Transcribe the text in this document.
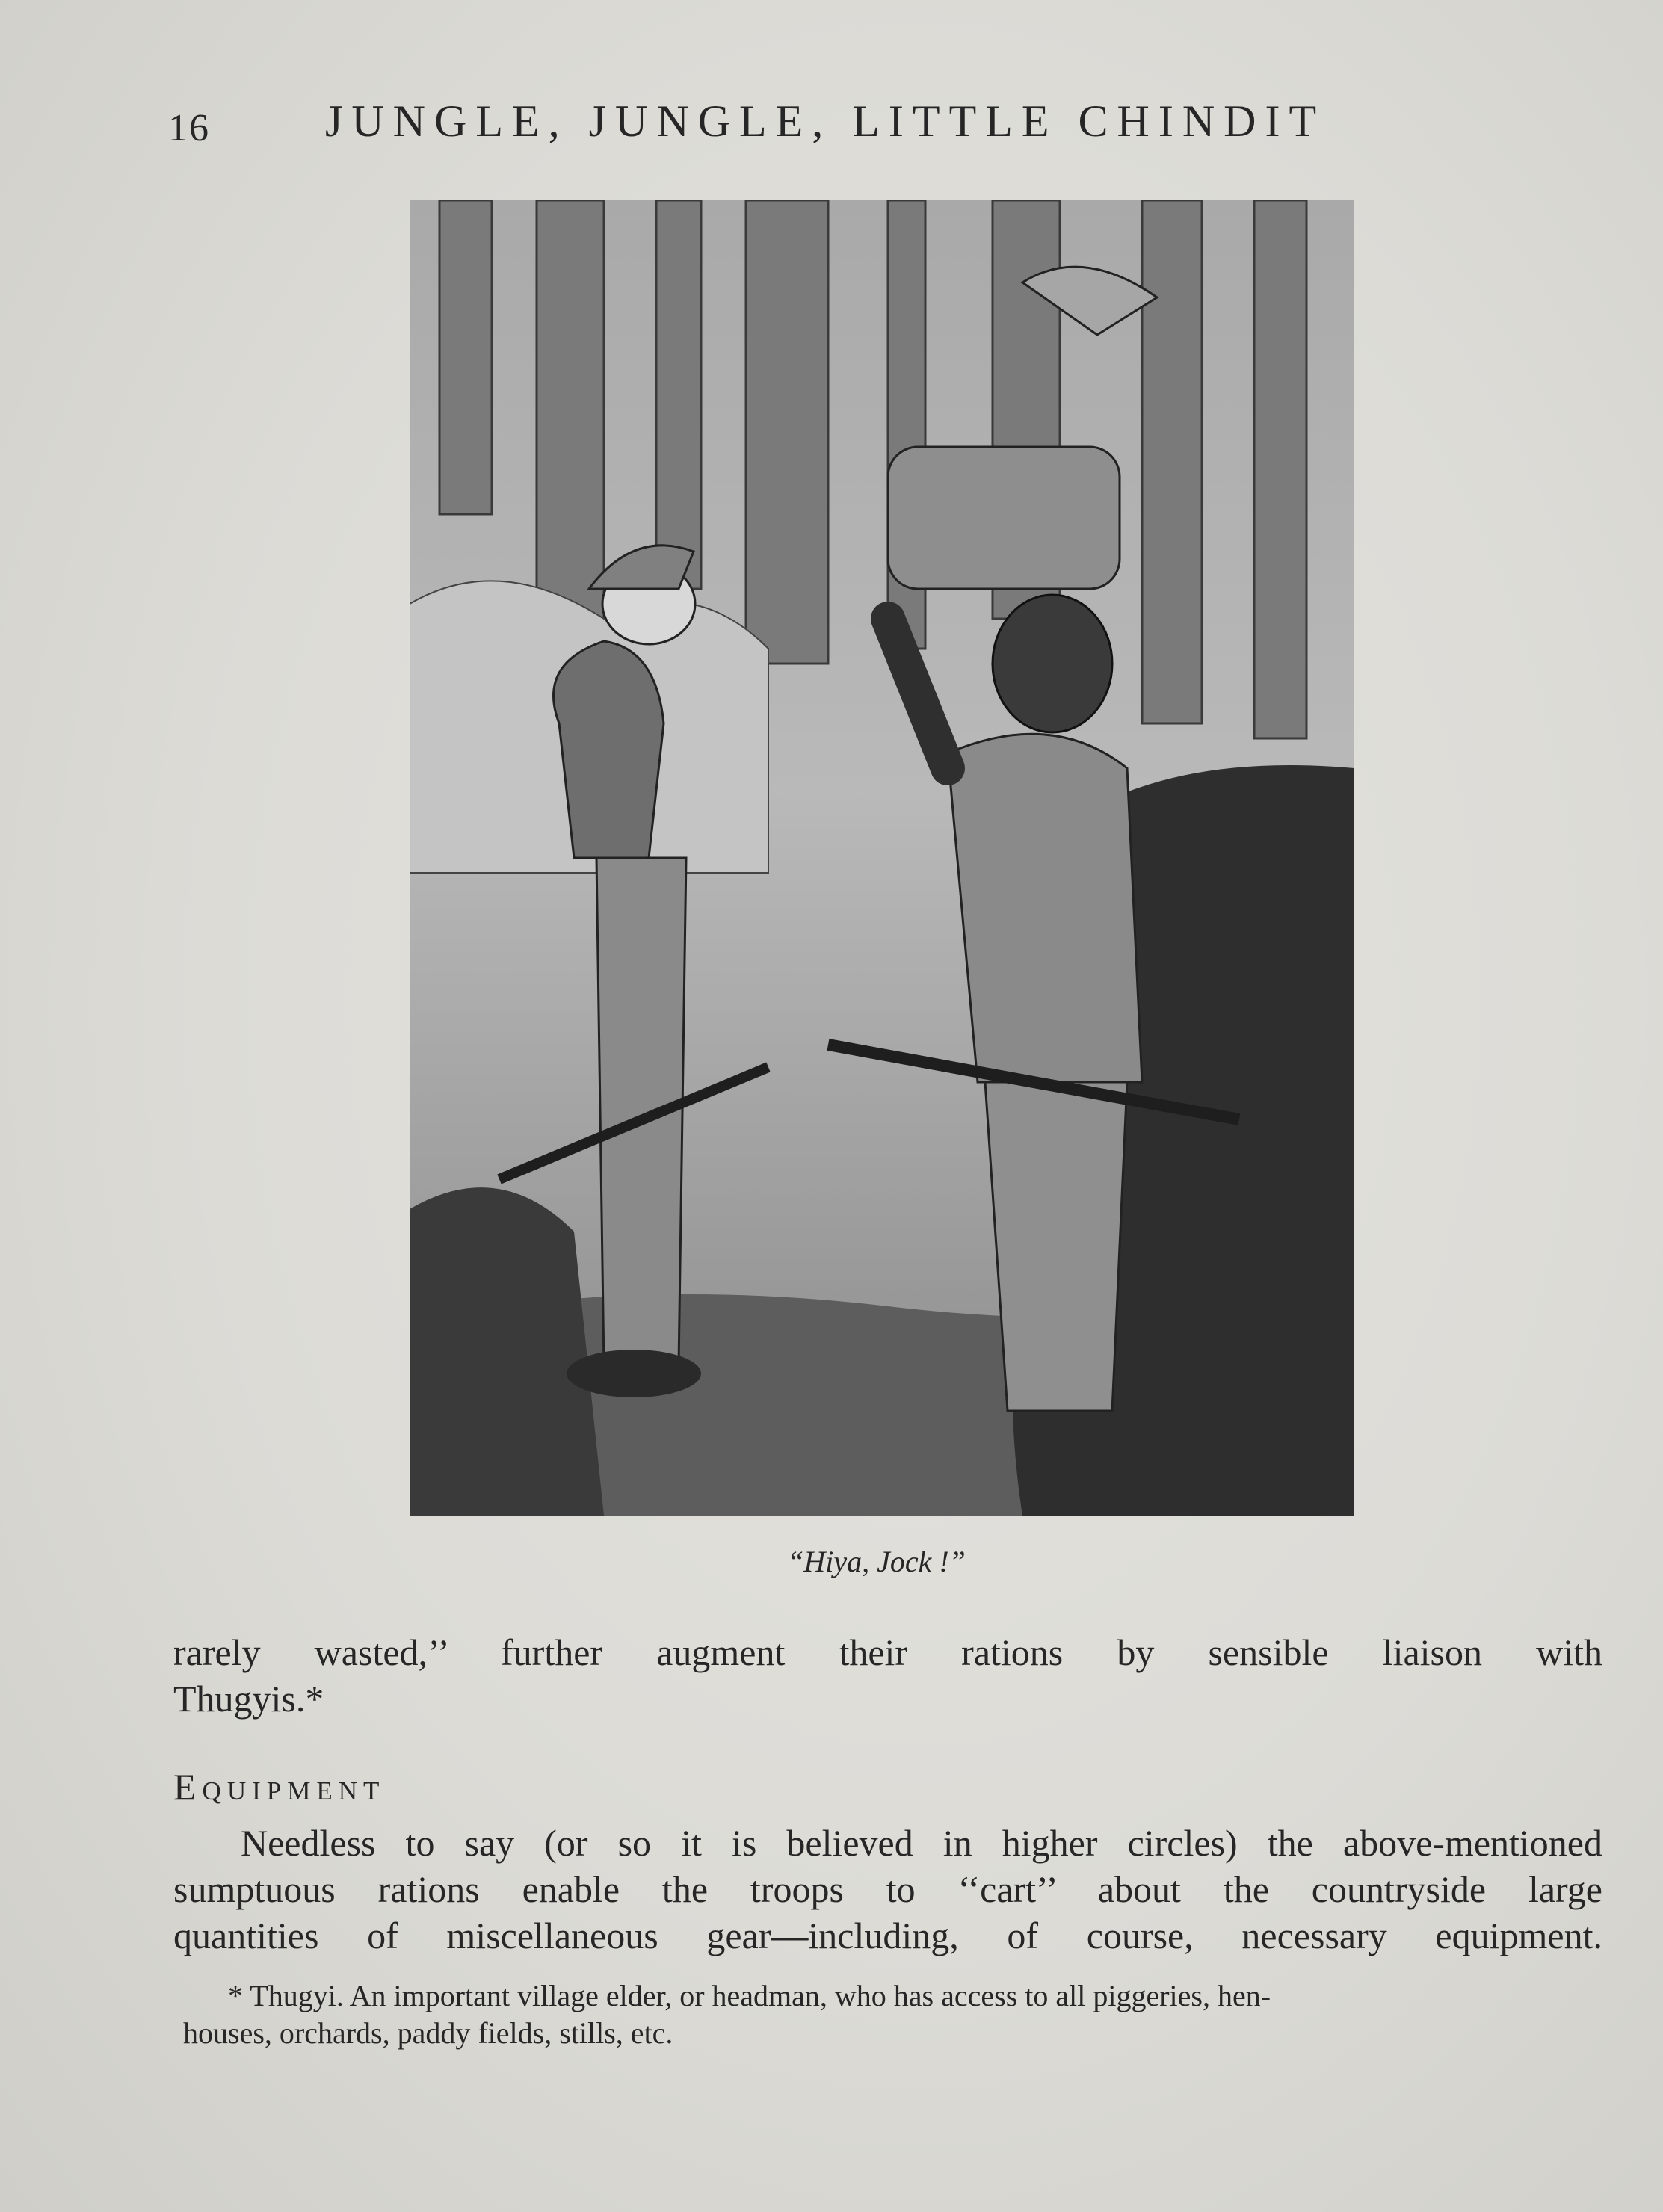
16	JUNGLE, JUNGLE, LITTLE CHINDIT
“Hiya, Jock !”
rarely wasted,’’ further augment their rations by sensible liaison with
Thugyis.*
Equipment
Needless to say (or so it is believed in higher circles) the above-mentioned
sumptuous rations enable the troops to ‘‘cart’’ about the countryside large
quantities of miscellaneous gear—including, of course, necessary equipment.
* Thugyi. An important village elder, or headman, who has access to all piggeries, hen-
houses, orchards, paddy fields, stills, etc.
